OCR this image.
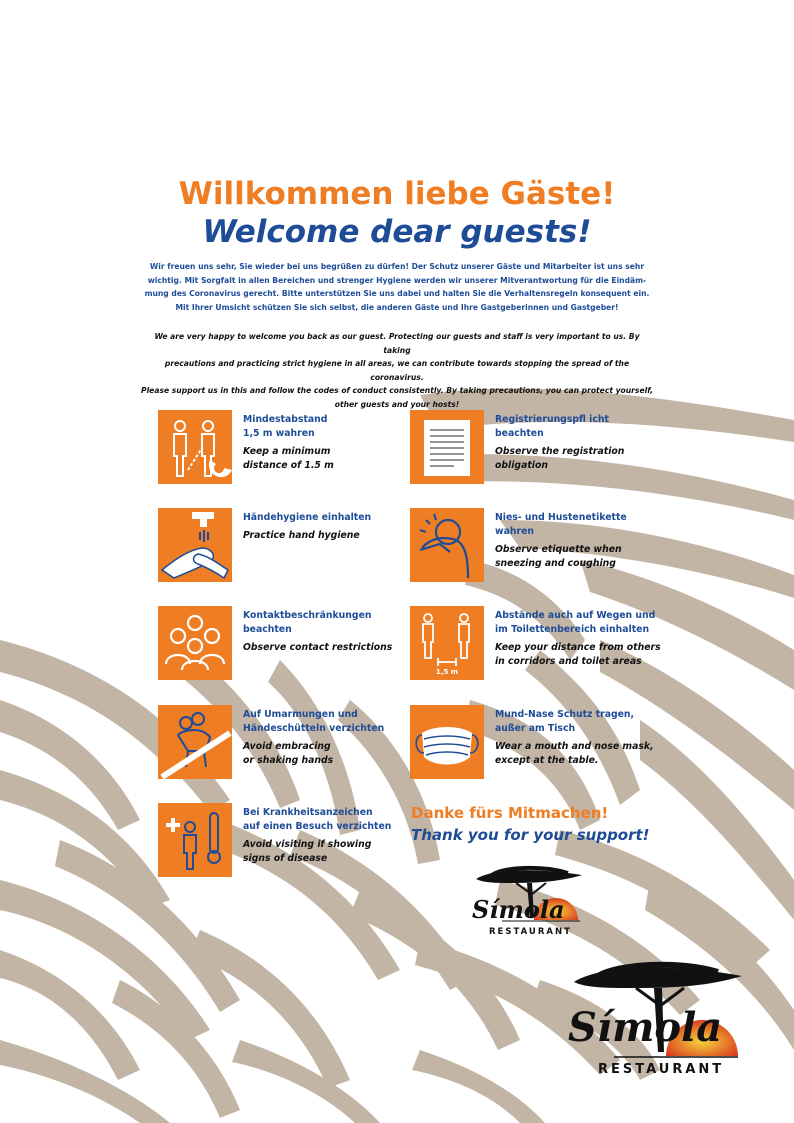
Willkommen liebe Gäste!
Welcome dear guests!
Wir freuen uns sehr, Sie wieder bei uns begrüßen zu dürfen! Der Schutz unserer Gäste und Mitarbeiter ist uns sehr
wichtig. Mit Sorgfalt in allen Bereichen und strenger Hygiene werden wir unserer Mitverantwortung für die Eindäm-
mung des Coronavirus gerecht. Bitte unterstützen Sie uns dabei und halten Sie die Verhaltensregeln konsequent ein.
Mit Ihrer Umsicht schützen Sie sich selbst, die anderen Gäste und Ihre Gastgeberinnen und Gastgeber!
We are very happy to welcome you back as our guest. Protecting our guests and staff is very important to us. By taking
precautions and practicing strict hygiene in all areas, we can contribute towards stopping the spread of the coronavirus.
Please support us in this and follow the codes of conduct consistently. By taking precautions, you can protect yourself,
other guests and your hosts!
Mindestabstand
1,5 m wahren
Keep a minimum
distance of 1.5 m
Registrierungspfl icht
beachten
Observe the registration
obligation
Händehygiene einhalten
Practice hand hygiene
Nies- und Hustenetikette
wahren
Observe etiquette when
sneezing and coughing
Kontaktbeschränkungen
beachten
Observe contact restrictions
1,5 m
Abstände auch auf Wegen und
im Toilettenbereich einhalten
Keep your distance from others
in corridors and toilet areas
Auf Umarmungen und
Händeschütteln verzichten
Avoid embracing
or shaking hands
Mund-Nase Schutz tragen,
außer am Tisch
Wear a mouth and nose mask,
except at the table.
Bei Krankheitsanzeichen
auf einen Besuch verzichten
Avoid visiting if showing
signs of disease
Danke fürs Mitmachen!
Thank you for your support!
Símola
RESTAURANT
Símola
RESTAURANT
